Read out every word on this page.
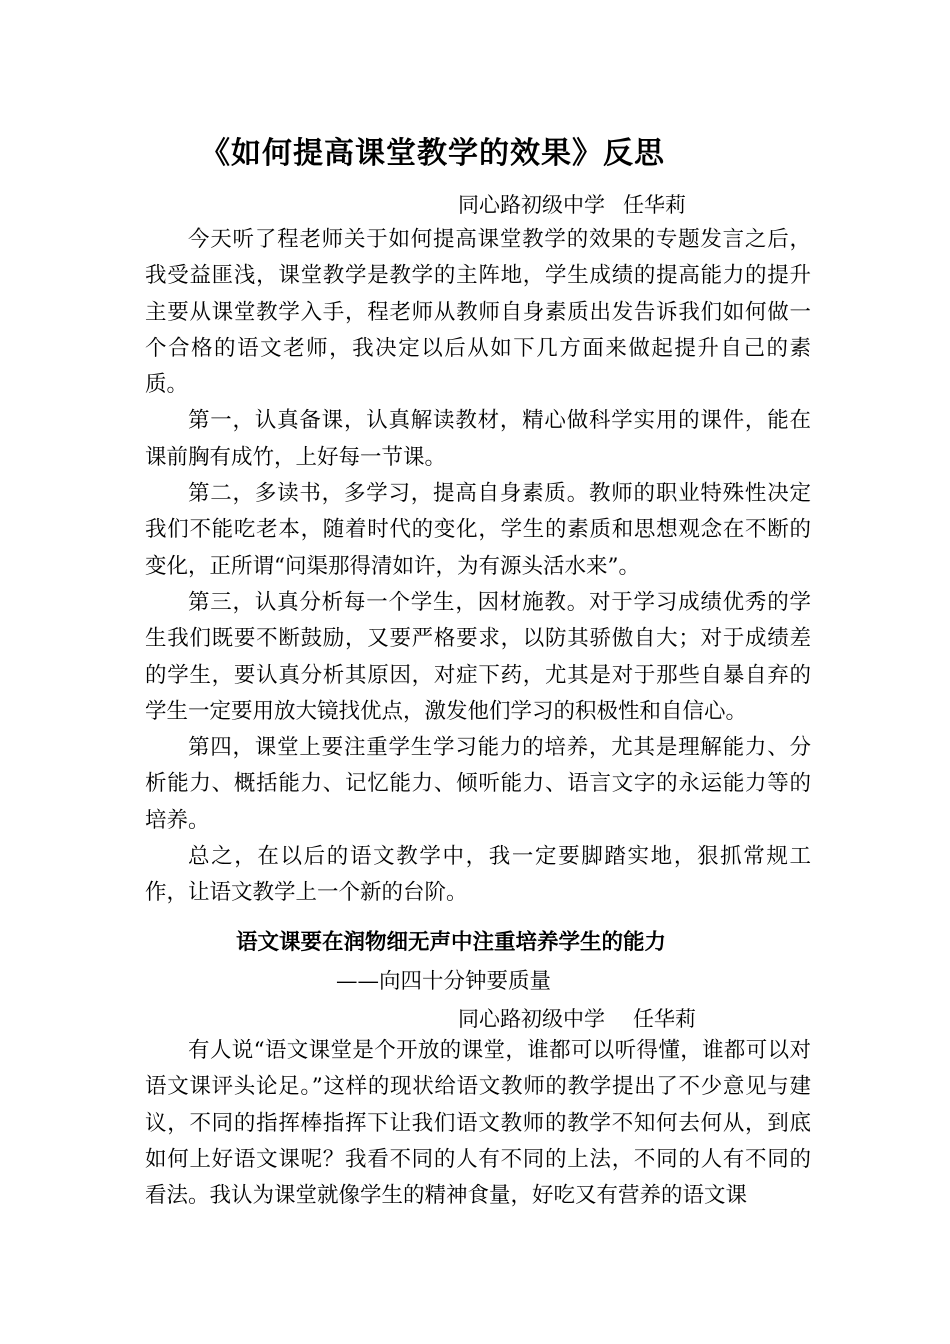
《如何提高课堂教学的效果》反思
同心路初级中学 任华莉

今天听了程老师关于如何提高课堂教学的效果的专题发言之后，我受益匪浅，课堂教学是教学的主阵地，学生成绩的提高能力的提升主要从课堂教学入手，程老师从教师自身素质出发告诉我们如何做一个合格的语文老师，我决定以后从如下几方面来做起提升自己的素质。

第一，认真备课，认真解读教材，精心做科学实用的课件，能在课前胸有成竹，上好每一节课。

第二，多读书，多学习，提高自身素质。教师的职业特殊性决定我们不能吃老本，随着时代的变化，学生的素质和思想观念在不断的变化，正所谓“问渠那得清如许，为有源头活水来”。

第三，认真分析每一个学生，因材施教。对于学习成绩优秀的学生我们既要不断鼓励，又要严格要求，以防其骄傲自大；对于成绩差的学生，要认真分析其原因，对症下药，尤其是对于那些自暴自弃的学生一定要用放大镜找优点，激发他们学习的积极性和自信心。

第四，课堂上要注重学生学习能力的培养，尤其是理解能力、分析能力、概括能力、记忆能力、倾听能力、语言文字的永运能力等的培养。

总之，在以后的语文教学中，我一定要脚踏实地，狠抓常规工作，让语文教学上一个新的台阶。

语文课要在润物细无声中注重培养学生的能力
——向四十分钟要质量
同心路初级中学 任华莉

有人说“语文课堂是个开放的课堂，谁都可以听得懂，谁都可以对语文课评头论足。”这样的现状给语文教师的教学提出了不少意见与建议，不同的指挥棒指挥下让我们语文教师的教学不知何去何从，到底如何上好语文课呢？我看不同的人有不同的上法，不同的人有不同的看法。我认为课堂就像学生的精神食量，好吃又有营养的语文课
